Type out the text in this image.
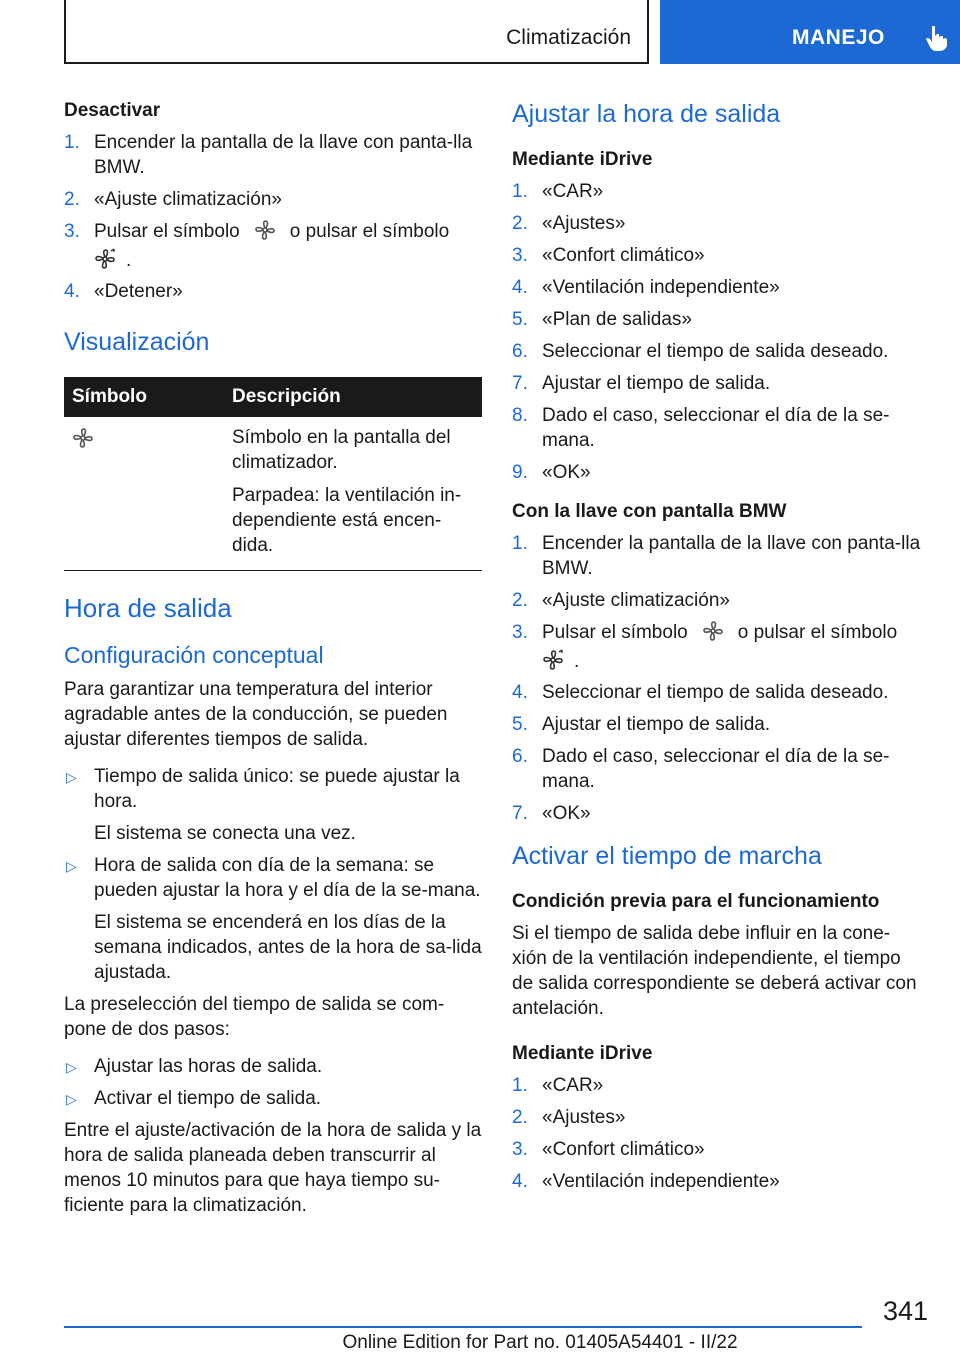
Climatización	MANEJO
Desactivar
1. Encender la pantalla de la llave con panta‐lla BMW.
2. «Ajuste climatización»
3. Pulsar el símbolo	o pulsar el símbolo
.
4. «Detener»
Visualización
Símbolo	Descripción

Símbolo en la pantalla del climatizador.
Parpadea: la ventilación in‐dependiente está encen‐dida.
Hora de salida
Configuración conceptual

Para garantizar una temperatura del interior agradable antes de la conducción, se pueden ajustar diferentes tiempos de salida.

▷ Tiempo de salida único: se puede ajustar la hora.
El sistema se conecta una vez.
▷ Hora de salida con día de la semana: se pueden ajustar la hora y el día de la se‐mana.
El sistema se encenderá en los días de la semana indicados, antes de la hora de sa‐lida ajustada.

La preselección del tiempo de salida se com‐pone de dos pasos:

▷ Ajustar las horas de salida.
▷ Activar el tiempo de salida.

Entre el ajuste/activación de la hora de salida y la hora de salida planeada deben transcurrir al menos 10 minutos para que haya tiempo su‐ficiente para la climatización.

Ajustar la hora de salida
Mediante iDrive
1. «CAR»
2. «Ajustes»
3. «Confort climático»
4. «Ventilación independiente»
5. «Plan de salidas»
6. Seleccionar el tiempo de salida deseado.
7. Ajustar el tiempo de salida.
8. Dado el caso, seleccionar el día de la se‐mana.
9. «OK»
Con la llave con pantalla BMW
1. Encender la pantalla de la llave con panta‐lla BMW.
2. «Ajuste climatización»
3. Pulsar el símbolo	o pulsar el símbolo
.
4. Seleccionar el tiempo de salida deseado.
5. Ajustar el tiempo de salida.
6. Dado el caso, seleccionar el día de la se‐mana.
7. «OK»
Activar el tiempo de marcha
Condición previa para el funcionamiento

Si el tiempo de salida debe influir en la cone‐xión de la ventilación independiente, el tiempo de salida correspondiente se deberá activar con antelación.

Mediante iDrive
1. «CAR»
2. «Ajustes»
3. «Confort climático»
4. «Ventilación independiente»
341
Online Edition for Part no. 01405A54401 - II/22
